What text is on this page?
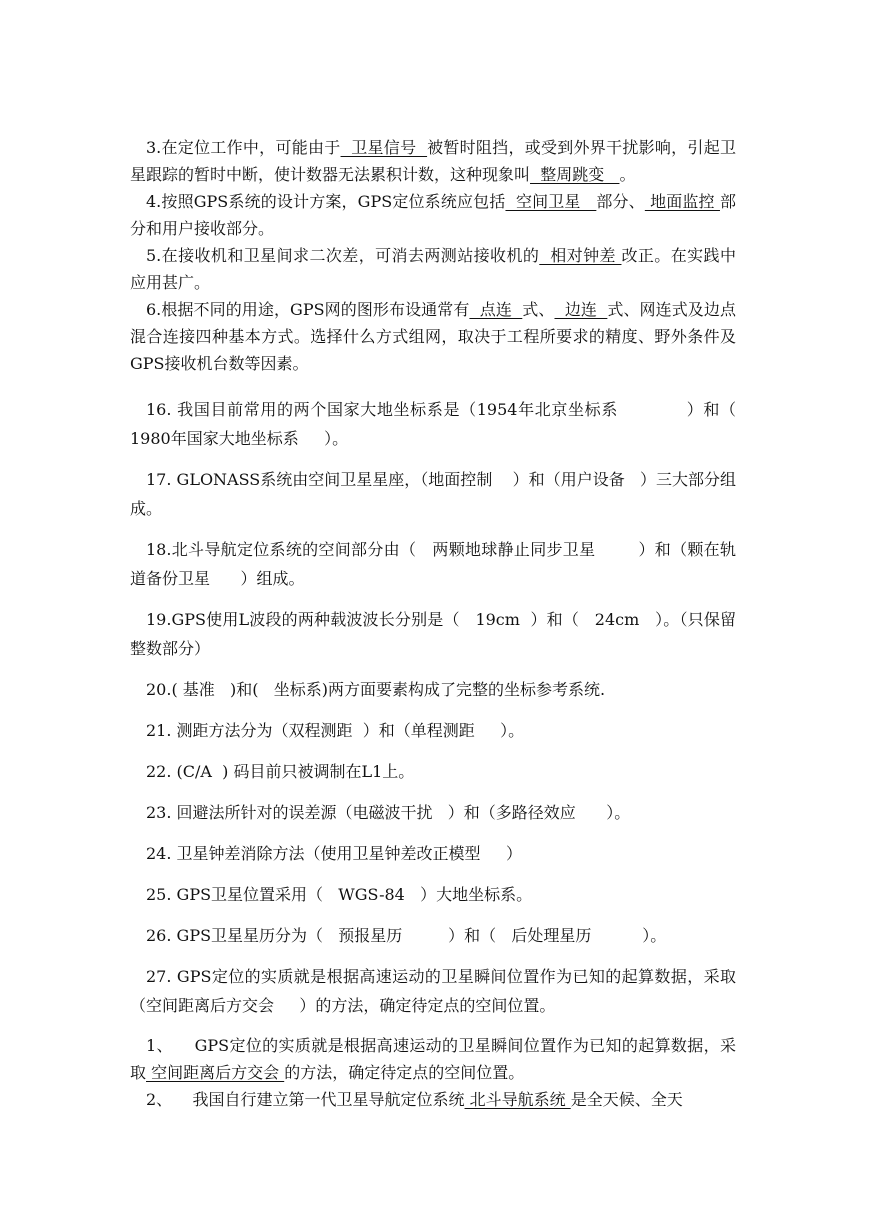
3.在定位工作中，可能由于  卫星信号  被暂时阻挡，或受到外界干扰影响，引起卫星跟踪的暂时中断，使计数器无法累积计数，这种现象叫  整周跳变   。

4.按照GPS系统的设计方案，GPS定位系统应包括  空间卫星   部分、 地面监控 部分和用户接收部分。

5.在接收机和卫星间求二次差，可消去两测站接收机的  相对钟差 改正。在实践中应用甚广。

6.根据不同的用途，GPS网的图形布设通常有  点连  式、  边连  式、网连式及边点混合连接四种基本方式。选择什么方式组网，取决于工程所要求的精度、野外条件及GPS接收机台数等因素。

16. 我国目前常用的两个国家大地坐标系是（1954年北京坐标系            ）和（      1980年国家大地坐标系     ）。

17. GLONASS系统由空间卫星星座，（地面控制    ）和（用户设备   ）三大部分组成。

18.北斗导航定位系统的空间部分由（   两颗地球静止同步卫星        ）和（颗在轨道备份卫星      ）组成。

19.GPS使用L波段的两种载波波长分别是（   19cm  ）和（   24cm   ）。（只保留整数部分）

20.( 基准   )和(   坐标系)两方面要素构成了完整的坐标参考系统.

21. 测距方法分为（双程测距  ）和（单程测距     ）。

22. (C/A  ) 码目前只被调制在L1上。

23. 回避法所针对的误差源（电磁波干扰   ）和（多路径效应      ）。

24. 卫星钟差消除方法（使用卫星钟差改正模型     ）

25. GPS卫星位置采用（   WGS-84   ）大地坐标系。

26. GPS卫星星历分为（   预报星历         ）和（   后处理星历          ）。

27. GPS定位的实质就是根据高速运动的卫星瞬间位置作为已知的起算数据，采取（空间距离后方交会     ）的方法，确定待定点的空间位置。

1、    GPS定位的实质就是根据高速运动的卫星瞬间位置作为已知的起算数据，采取 空间距离后方交会 的方法，确定待定点的空间位置。

2、    我国自行建立第一代卫星导航定位系统 北斗导航系统 是全天候、全天
